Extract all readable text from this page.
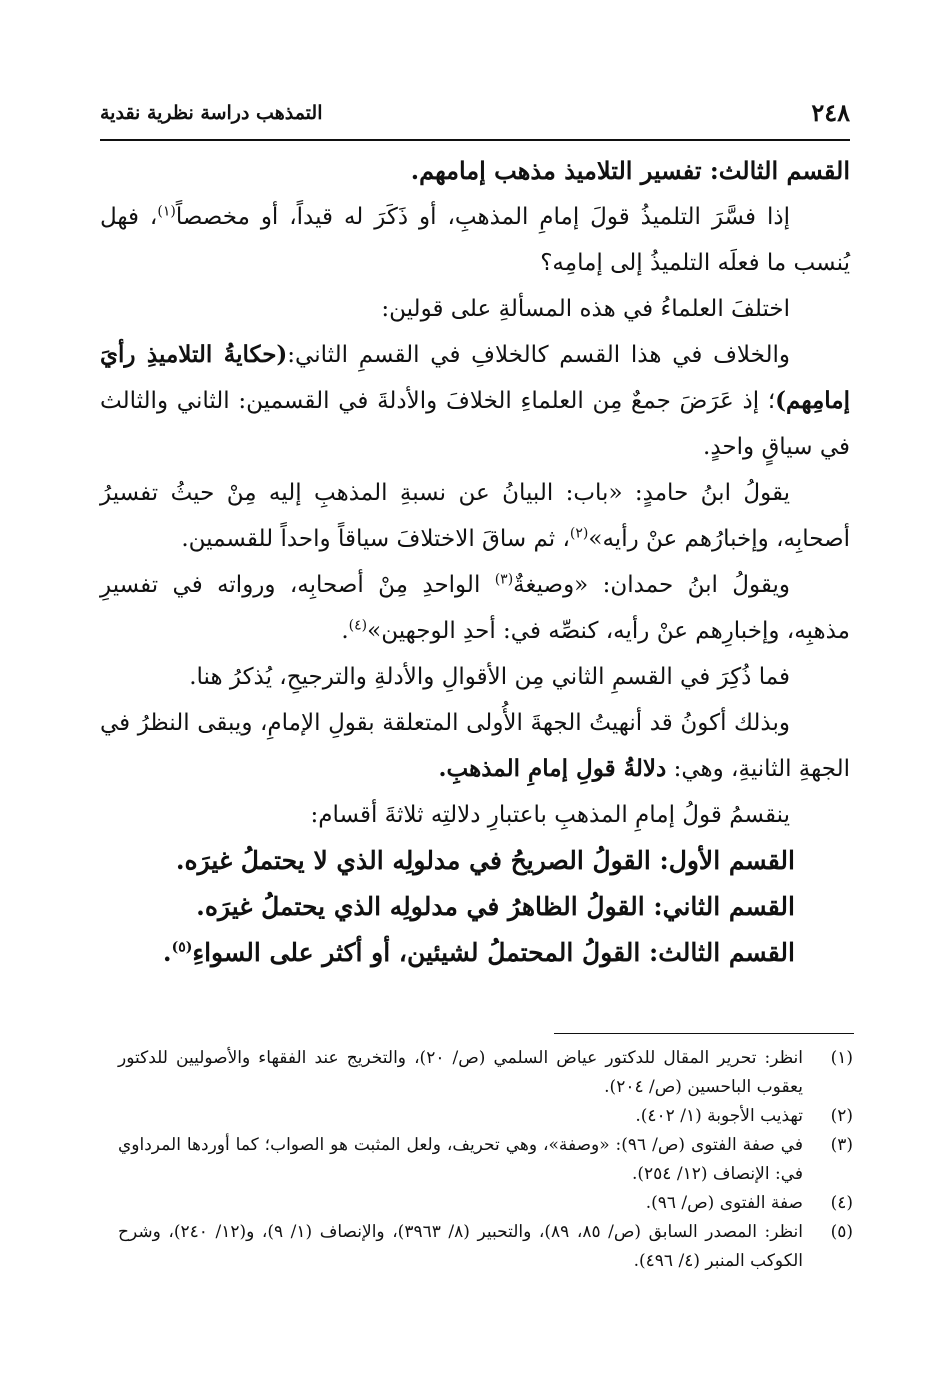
٢٤٨
التمذهب دراسة نظرية نقدية

القسم الثالث: تفسير التلاميذ مذهب إمامهم.

إذا فسَّرَ التلميذُ قولَ إمامِ المذهبِ، أو ذَكَرَ له قيداً، أو مخصصاً$^{(١)}$، فهل يُنسب ما فعلَه التلميذُ إلى إمامِه؟

اختلفَ العلماءُ في هذه المسألةِ على قولين:

والخلاف في هذا القسم كالخلافِ في القسمِ الثاني:(حكايةُ التلاميذِ رأيَ إمامِهم)؛ إذ عَرَضَ جمعٌ مِن العلماءِ الخلافَ والأدلةَ في القسمين: الثاني والثالث في سياقٍ واحدٍ.

يقولُ ابنُ حامدٍ: «باب: البيانُ عن نسبةِ المذهبِ إليه مِنْ حيثُ تفسيرُ أصحابِه، وإخبارُهم عنْ رأيه»$^{(٢)}$، ثم ساقَ الاختلافَ سياقاً واحداً للقسمين.

ويقولُ ابنُ حمدان: «وصيغةٌ$^{(٣)}$ الواحدِ مِنْ أصحابِه، ورواته في تفسيرِ مذهبِه، وإخبارِهم عنْ رأيه، كنصِّه في: أحدِ الوجهين»$^{(٤)}$.

فما ذُكِرَ في القسمِ الثاني مِن الأقوالِ والأدلةِ والترجيحِ، يُذكرُ هنا.

وبذلك أكونُ قد أنهيتُ الجهةَ الأُولى المتعلقة بقولِ الإمامِ، ويبقى النظرُ في الجهةِ الثانيةِ، وهي: دلالةُ قولِ إمامِ المذهبِ.

ينقسمُ قولُ إمامِ المذهبِ باعتبارِ دلالتِه ثلاثةَ أقسام:

القسم الأول: القولُ الصريحُ في مدلولِه الذي لا يحتملُ غيرَه.

القسم الثاني: القولُ الظاهرُ في مدلولِه الذي يحتملُ غيرَه.

القسم الثالث: القولُ المحتملُ لشيئين، أو أكثر على السواءِ$^{(٥)}$.

(١)
انظر: تحرير المقال للدكتور عياض السلمي (ص/ ٢٠)، والتخريج عند الفقهاء والأصوليين للدكتور يعقوب الباحسين (ص/ ٢٠٤).

(٢)
تهذيب الأجوبة (١/ ٤٠٢).

(٣)
في صفة الفتوى (ص/ ٩٦): «وصفة»، وهي تحريف، ولعل المثبت هو الصواب؛ كما أوردها المرداوي في: الإنصاف (١٢/ ٢٥٤).

(٤)
صفة الفتوى (ص/ ٩٦).

(٥)
انظر: المصدر السابق (ص/ ٨٥، ٨٩)، والتحبير (٨/ ٣٩٦٣)، والإنصاف (١/ ٩)، و(١٢/ ٢٤٠)، وشرح الكوكب المنبر (٤/ ٤٩٦).
